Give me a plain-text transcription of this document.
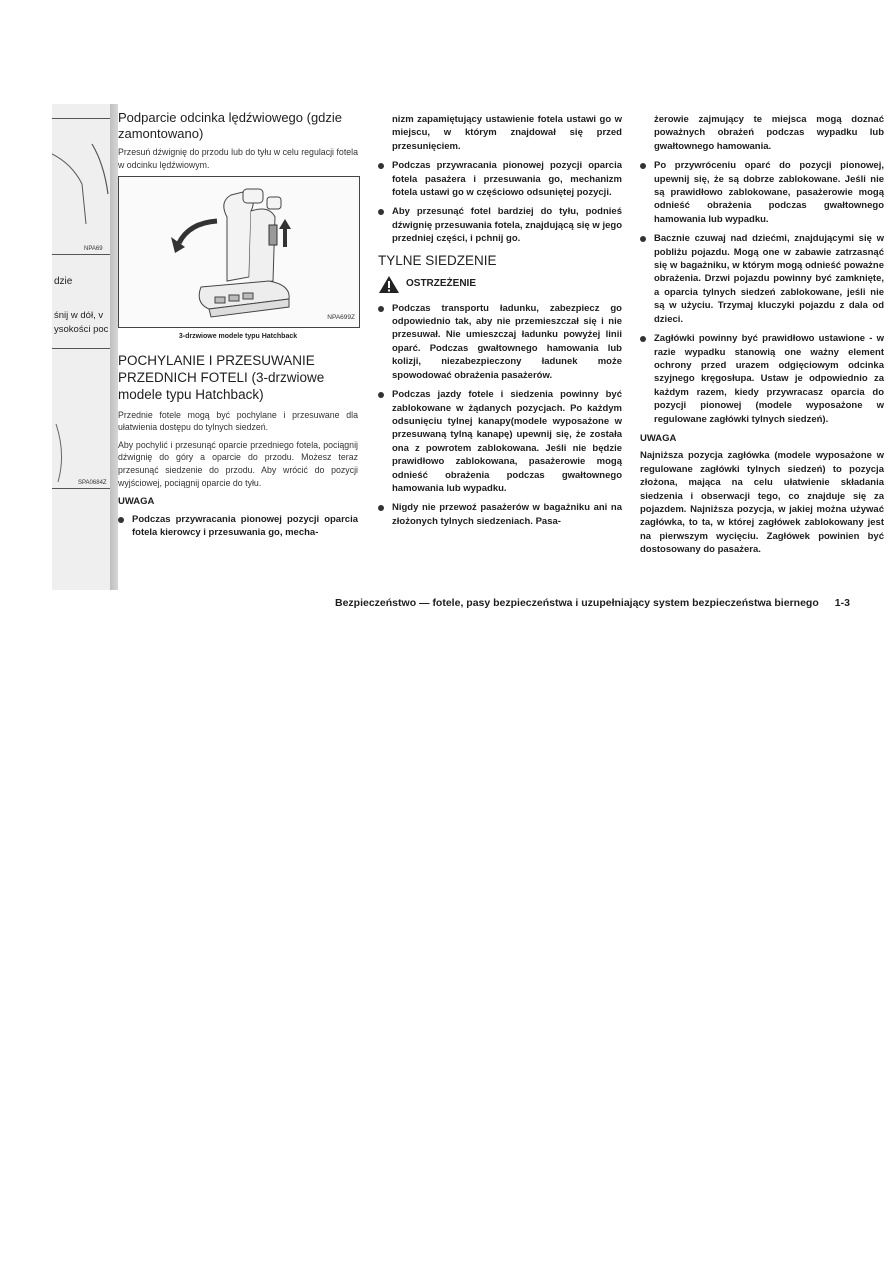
NPA69
dzie
śnij w dół, v
ysokości poc
SPA0684Z
Podparcie odcinka lędźwiowego (gdzie zamontowano)

Przesuń dźwignię do przodu lub do tyłu w celu regulacji fotela w odcinku lędźwiowym.

NPA699Z
3-drzwiowe modele typu Hatchback
POCHYLANIE I PRZESUWANIE PRZEDNICH FOTELI (3-drzwiowe modele typu Hatchback)

Przednie fotele mogą być pochylane i przesuwane dla ułatwienia dostępu do tylnych siedzeń.

Aby pochylić i przesunąć oparcie przedniego fotela, pociągnij dźwignię do góry a oparcie do przodu. Możesz teraz przesunąć siedzenie do przodu. Aby wrócić do pozycji wyjściowej, pociągnij oparcie do tyłu.

UWAGA
Podczas przywracania pionowej pozycji oparcia fotela kierowcy i przesuwania go, mecha-

nizm zapamiętujący ustawienie fotela ustawi go w miejscu, w którym znajdował się przed przesunięciem.

Podczas przywracania pionowej pozycji oparcia fotela pasażera i przesuwania go, mechanizm fotela ustawi go w częściowo odsuniętej pozycji.
Aby przesunąć fotel bardziej do tyłu, podnieś dźwignię przesuwania fotela, znajdującą się w jego przedniej części, i pchnij go.
TYLNE SIEDZENIE
OSTRZEŻENIE
Podczas transportu ładunku, zabezpiecz go odpowiednio tak, aby nie przemieszczał się i nie przesuwał. Nie umieszczaj ładunku powyżej linii oparć. Podczas gwałtownego hamowania lub kolizji, niezabezpieczony ładunek może spowodować obrażenia pasażerów.
Podczas jazdy fotele i siedzenia powinny być zablokowane w żądanych pozycjach. Po każdym odsunięciu tylnej kanapy(modele wyposażone w przesuwaną tylną kanapę) upewnij się, że została ona z powrotem zablokowana. Jeśli nie będzie prawidłowo zablokowana, pasażerowie mogą odnieść obrażenia podczas gwałtownego hamowania lub wypadku.
Nigdy nie przewoź pasażerów w bagażniku ani na złożonych tylnych siedzeniach. Pasa-

żerowie zajmujący te miejsca mogą doznać poważnych obrażeń podczas wypadku lub gwałtownego hamowania.

Po przywróceniu oparć do pozycji pionowej, upewnij się, że są dobrze zablokowane. Jeśli nie są prawidłowo zablokowane, pasażerowie mogą odnieść obrażenia podczas gwałtownego hamowania lub wypadku.
Bacznie czuwaj nad dziećmi, znajdującymi się w pobliżu pojazdu. Mogą one w zabawie zatrzasnąć się w bagażniku, w którym mogą odnieść poważne obrażenia. Drzwi pojazdu powinny być zamknięte, a oparcia tylnych siedzeń zablokowane, jeśli nie są w użyciu. Trzymaj kluczyki pojazdu z dala od dzieci.
Zagłówki powinny być prawidłowo ustawione - w razie wypadku stanowią one ważny element ochrony przed urazem odgięciowym odcinka szyjnego kręgosłupa. Ustaw je odpowiednio za każdym razem, kiedy przywracasz oparcia do pozycji pionowej (modele wyposażone w regulowane zagłówki tylnych siedzeń).
UWAGA

Najniższa pozycja zagłówka (modele wyposażone w regulowane zagłówki tylnych siedzeń) to pozycja złożona, mająca na celu ułatwienie składania siedzenia i obserwacji tego, co znajduje się za pojazdem. Najniższa pozycja, w jakiej można używać zagłówka, to ta, w której zagłówek zablokowany jest na pierwszym wycięciu. Zagłówek powinien być dostosowany do pasażera.

Bezpieczeństwo — fotele, pasy bezpieczeństwa i uzupełniający system bezpieczeństwa biernego 1-3
